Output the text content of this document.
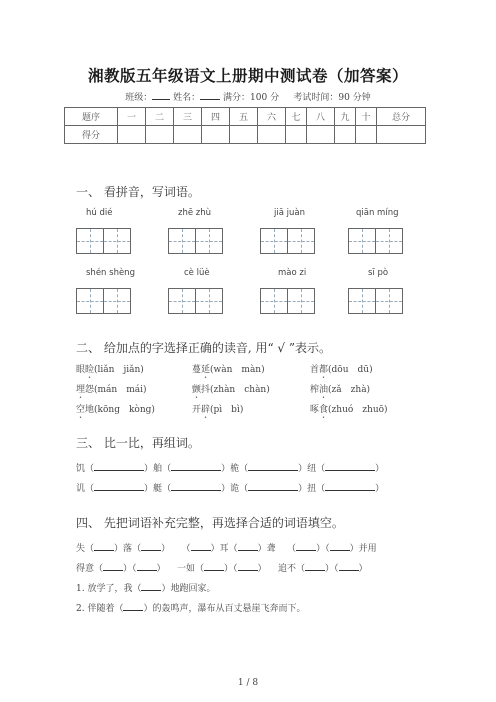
湘教版五年级语文上册期中测试卷（加答案）
班级： 姓名：	满分：100 分 考试时间：90 分钟
题序	一	二	三	四	五	六	七	八	九	十	总分
得分											
一、 看拼音，写词语。
hú dié	zhē zhù	jiā juàn	qiān míng
shén shèng	cè lüè	mào zi	sī pò
二、 给加点的字选择正确的读音, 用“ √ ”表示。
眼睑(liǎn　jiǎn)	蔓延(wàn　màn)	首都(dōu　dū)
埋怨(mán　mái)	颤抖(zhàn　chàn)	榨油(zǎ　zhà)
空地(kōng　kòng)	开辟(pì　bì)	啄食(zhuó　zhuō)
三、 比一比，再组词。
饥（	）舶（	）桅（	）纽（	）
讥（	）艇（	）诡（	）扭（	）
四、 先把词语补充完整，再选择合适的词语填空。
失（ ）落（ ）    （ ）耳（ ）聋    （ ）（ ）并用
得意（ ）（ ）    一如（ ）（ ）    追不（ ）（ ）
1. 放学了，我（ ）地跑回家。
2. 伴随着（ ）的轰鸣声，瀑布从百丈悬崖飞奔而下。
1 / 8
